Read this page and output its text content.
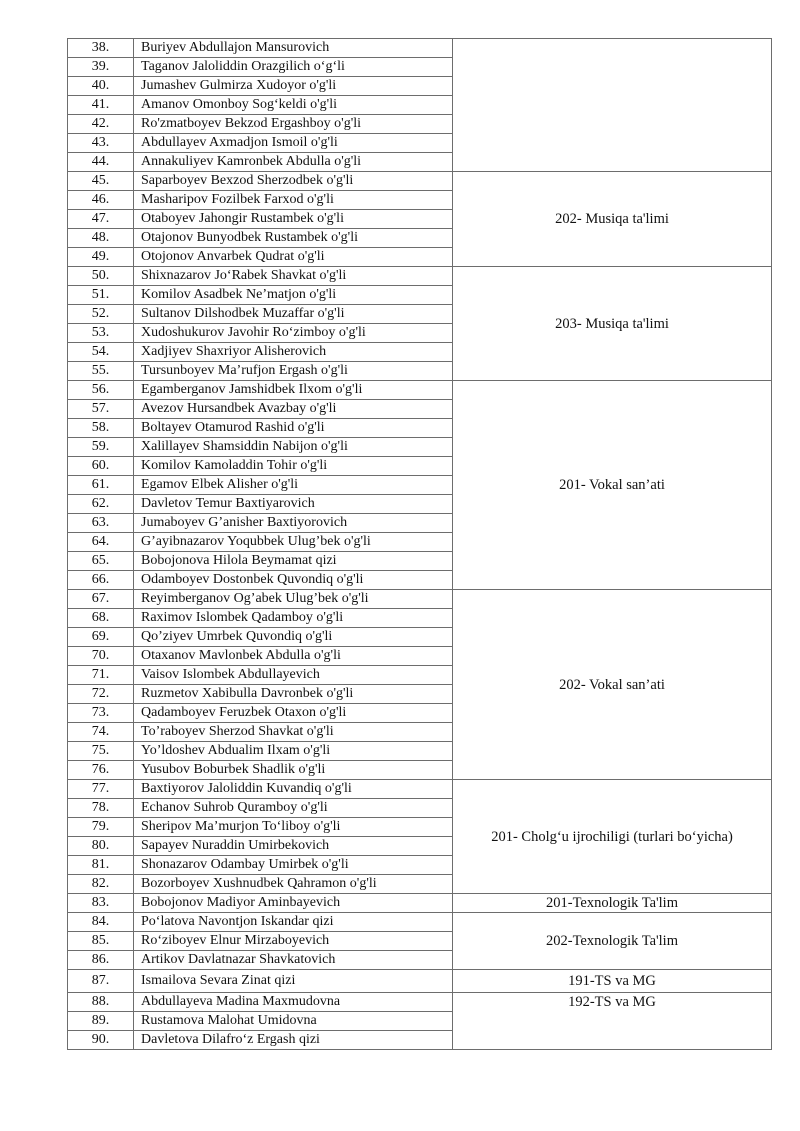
38.	Buriyev Abdullajon Mansurovich	
39.	Taganov Jaloliddin Orazgilich o‘g‘li	
40.	Jumashev Gulmirza Xudoyor o'g'li	
41.	Amanov Omonboy Sog‘keldi o'g'li	
42.	Ro'zmatboyev Bekzod Ergashboy o'g'li	
43.	Abdullayev Axmadjon Ismoil o'g'li	
44.	Annakuliyev Kamronbek Abdulla o'g'li	
45.	Saparboyev Bexzod Sherzodbek o'g'li	202- Musiqa ta'limi
46.	Masharipov Fozilbek Farxod o'g'li	
47.	Otaboyev Jahongir Rustambek o'g'li	
48.	Otajonov Bunyodbek Rustambek o'g'li	
49.	Otojonov Anvarbek Qudrat o'g'li	
50.	Shixnazarov Jo‘Rabek Shavkat o'g'li	203- Musiqa ta'limi
51.	Komilov Asadbek Ne’matjon o'g'li	
52.	Sultanov Dilshodbek Muzaffar o'g'li	
53.	Xudoshukurov Javohir Ro‘zimboy o'g'li	
54.	Xadjiyev Shaxriyor Alisherovich	
55.	Tursunboyev Ma’rufjon Ergash o'g'li	
56.	Egamberganov Jamshidbek Ilxom o'g'li	201- Vokal san’ati
57.	Avezov Hursandbek Avazbay o'g'li	
58.	Boltayev Otamurod Rashid o'g'li	
59.	Xalillayev Shamsiddin Nabijon o'g'li	
60.	Komilov Kamoladdin Tohir o'g'li	
61.	Egamov Elbek Alisher o'g'li	
62.	Davletov Temur Baxtiyarovich	
63.	Jumaboyev G’anisher Baxtiyorovich	
64.	G’ayibnazarov Yoqubbek Ulug’bek o'g'li	
65.	Bobojonova Hilola Beymamat qizi	
66.	Odamboyev Dostonbek Quvondiq o'g'li	
67.	Reyimberganov Og’abek Ulug’bek o'g'li	202- Vokal san’ati
68.	Raximov Islombek Qadamboy o'g'li	
69.	Qo’ziyev Umrbek Quvondiq o'g'li	
70.	Otaxanov Mavlonbek Abdulla o'g'li	
71.	Vaisov Islombek Abdullayevich	
72.	Ruzmetov Xabibulla Davronbek o'g'li	
73.	Qadamboyev Feruzbek Otaxon o'g'li	
74.	To’raboyev Sherzod Shavkat o'g'li	
75.	Yo’ldoshev Abdualim Ilxam o'g'li	
76.	Yusubov Boburbek Shadlik o'g'li	
77.	Baxtiyorov Jaloliddin Kuvandiq o'g'li	201- Cholg‘u ijrochiligi (turlari bo‘yicha)
78.	Echanov Suhrob Quramboy o'g'li	
79.	Sheripov Ma’murjon To‘liboy o'g'li	
80.	Sapayev Nuraddin Umirbekovich	
81.	Shonazarov Odambay Umirbek o'g'li	
82.	Bozorboyev Xushnudbek Qahramon o'g'li	
83.	Bobojonov Madiyor Aminbayevich	201-Texnologik Ta'lim
84.	Po‘latova Navontjon Iskandar qizi	202-Texnologik Ta'lim
85.	Ro‘ziboyev Elnur Mirzaboyevich	
86.	Artikov Davlatnazar Shavkatovich	
87.	Ismailova Sevara Zinat qizi	191-TS va MG
88.	Abdullayeva Madina Maxmudovna	192-TS va MG
89.	Rustamova Malohat Umidovna	
90.	Davletova Dilafro‘z Ergash qizi	
